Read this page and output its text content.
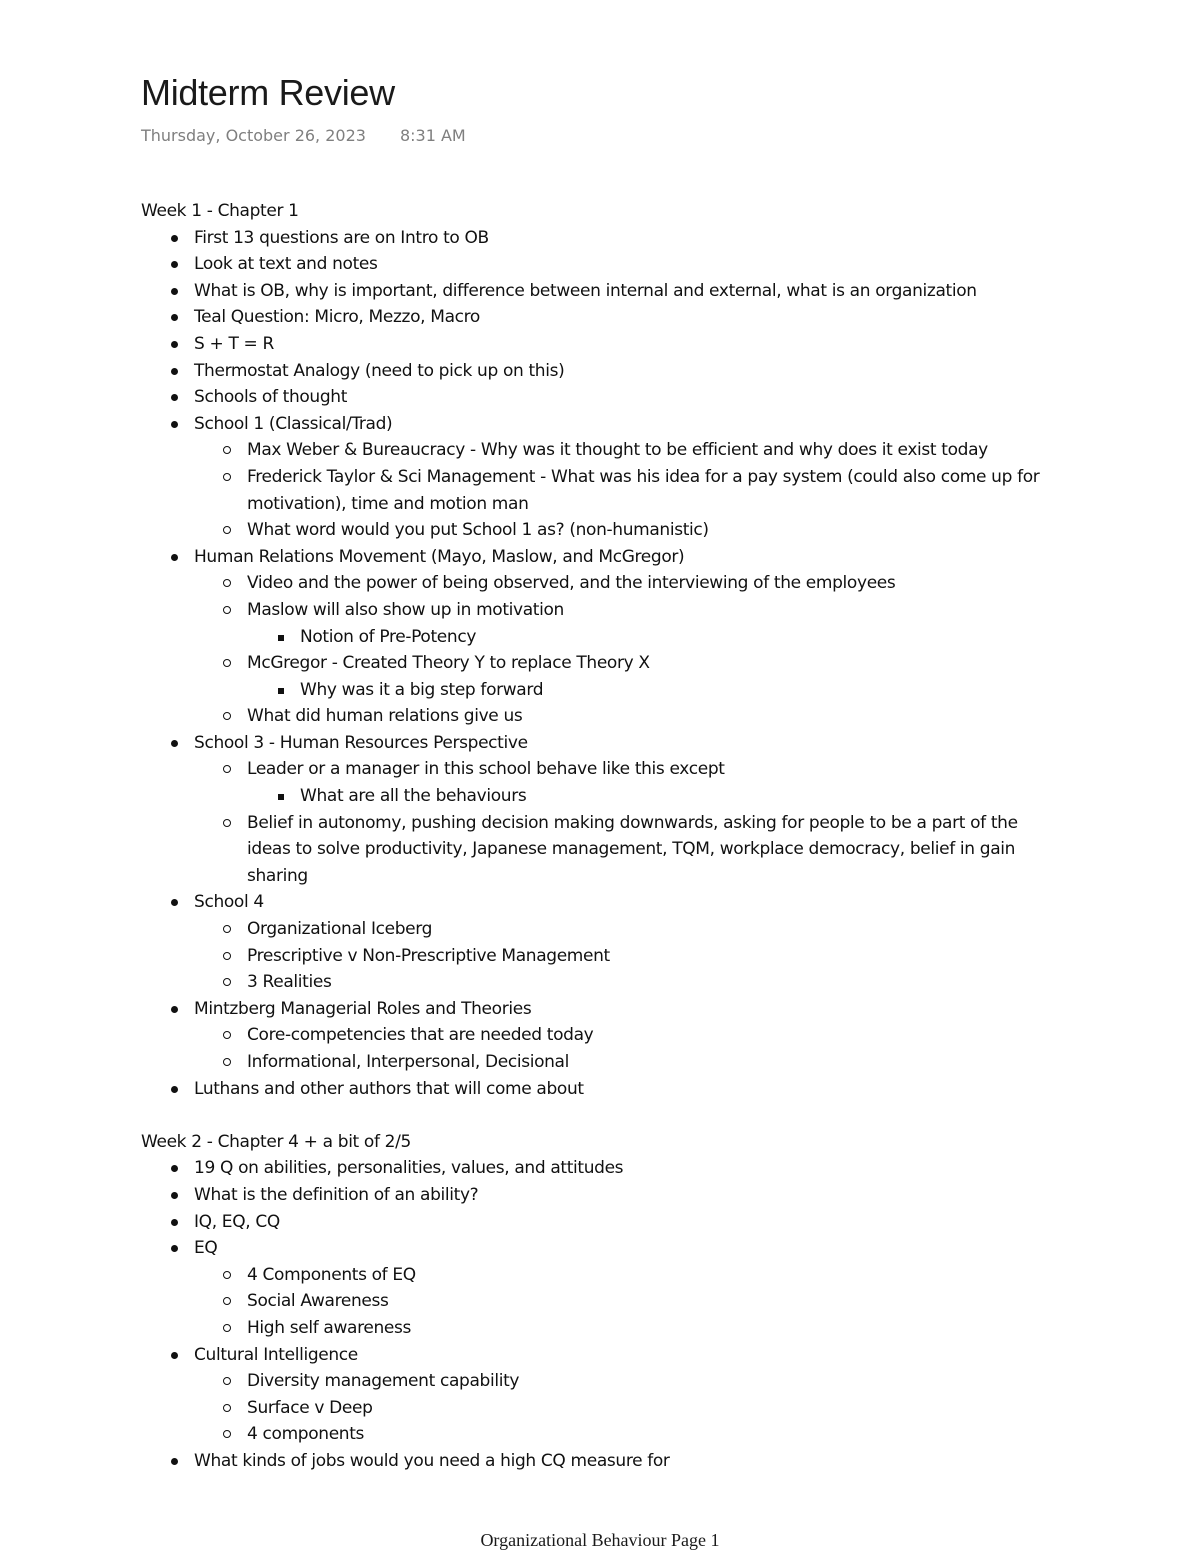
Midterm Review
Thursday, October 26, 2023 8:31 AM
Week 1 - Chapter 1
First 13 questions are on Intro to OB
Look at text and notes
What is OB, why is important, difference between internal and external, what is an organization
Teal Question: Micro, Mezzo, Macro
S + T = R
Thermostat Analogy (need to pick up on this)
Schools of thought
School 1 (Classical/Trad)
Max Weber & Bureaucracy - Why was it thought to be efficient and why does it exist today
Frederick Taylor & Sci Management - What was his idea for a pay system (could also come up for motivation), time and motion man
What word would you put School 1 as? (non-humanistic)
Human Relations Movement (Mayo, Maslow, and McGregor)
Video and the power of being observed, and the interviewing of the employees
Maslow will also show up in motivation
Notion of Pre-Potency
McGregor - Created Theory Y to replace Theory X
Why was it a big step forward
What did human relations give us
School 3 - Human Resources Perspective
Leader or a manager in this school behave like this except
What are all the behaviours
Belief in autonomy, pushing decision making downwards, asking for people to be a part of the ideas to solve productivity, Japanese management, TQM, workplace democracy, belief in gain sharing
School 4
Organizational Iceberg
Prescriptive v Non-Prescriptive Management
3 Realities
Mintzberg Managerial Roles and Theories
Core-competencies that are needed today
Informational, Interpersonal, Decisional
Luthans and other authors that will come about
Week 2 - Chapter 4 + a bit of 2/5
19 Q on abilities, personalities, values, and attitudes
What is the definition of an ability?
IQ, EQ, CQ
EQ
4 Components of EQ
Social Awareness
High self awareness
Cultural Intelligence
Diversity management capability
Surface v Deep
4 components
What kinds of jobs would you need a high CQ measure for
Organizational Behaviour Page 1
